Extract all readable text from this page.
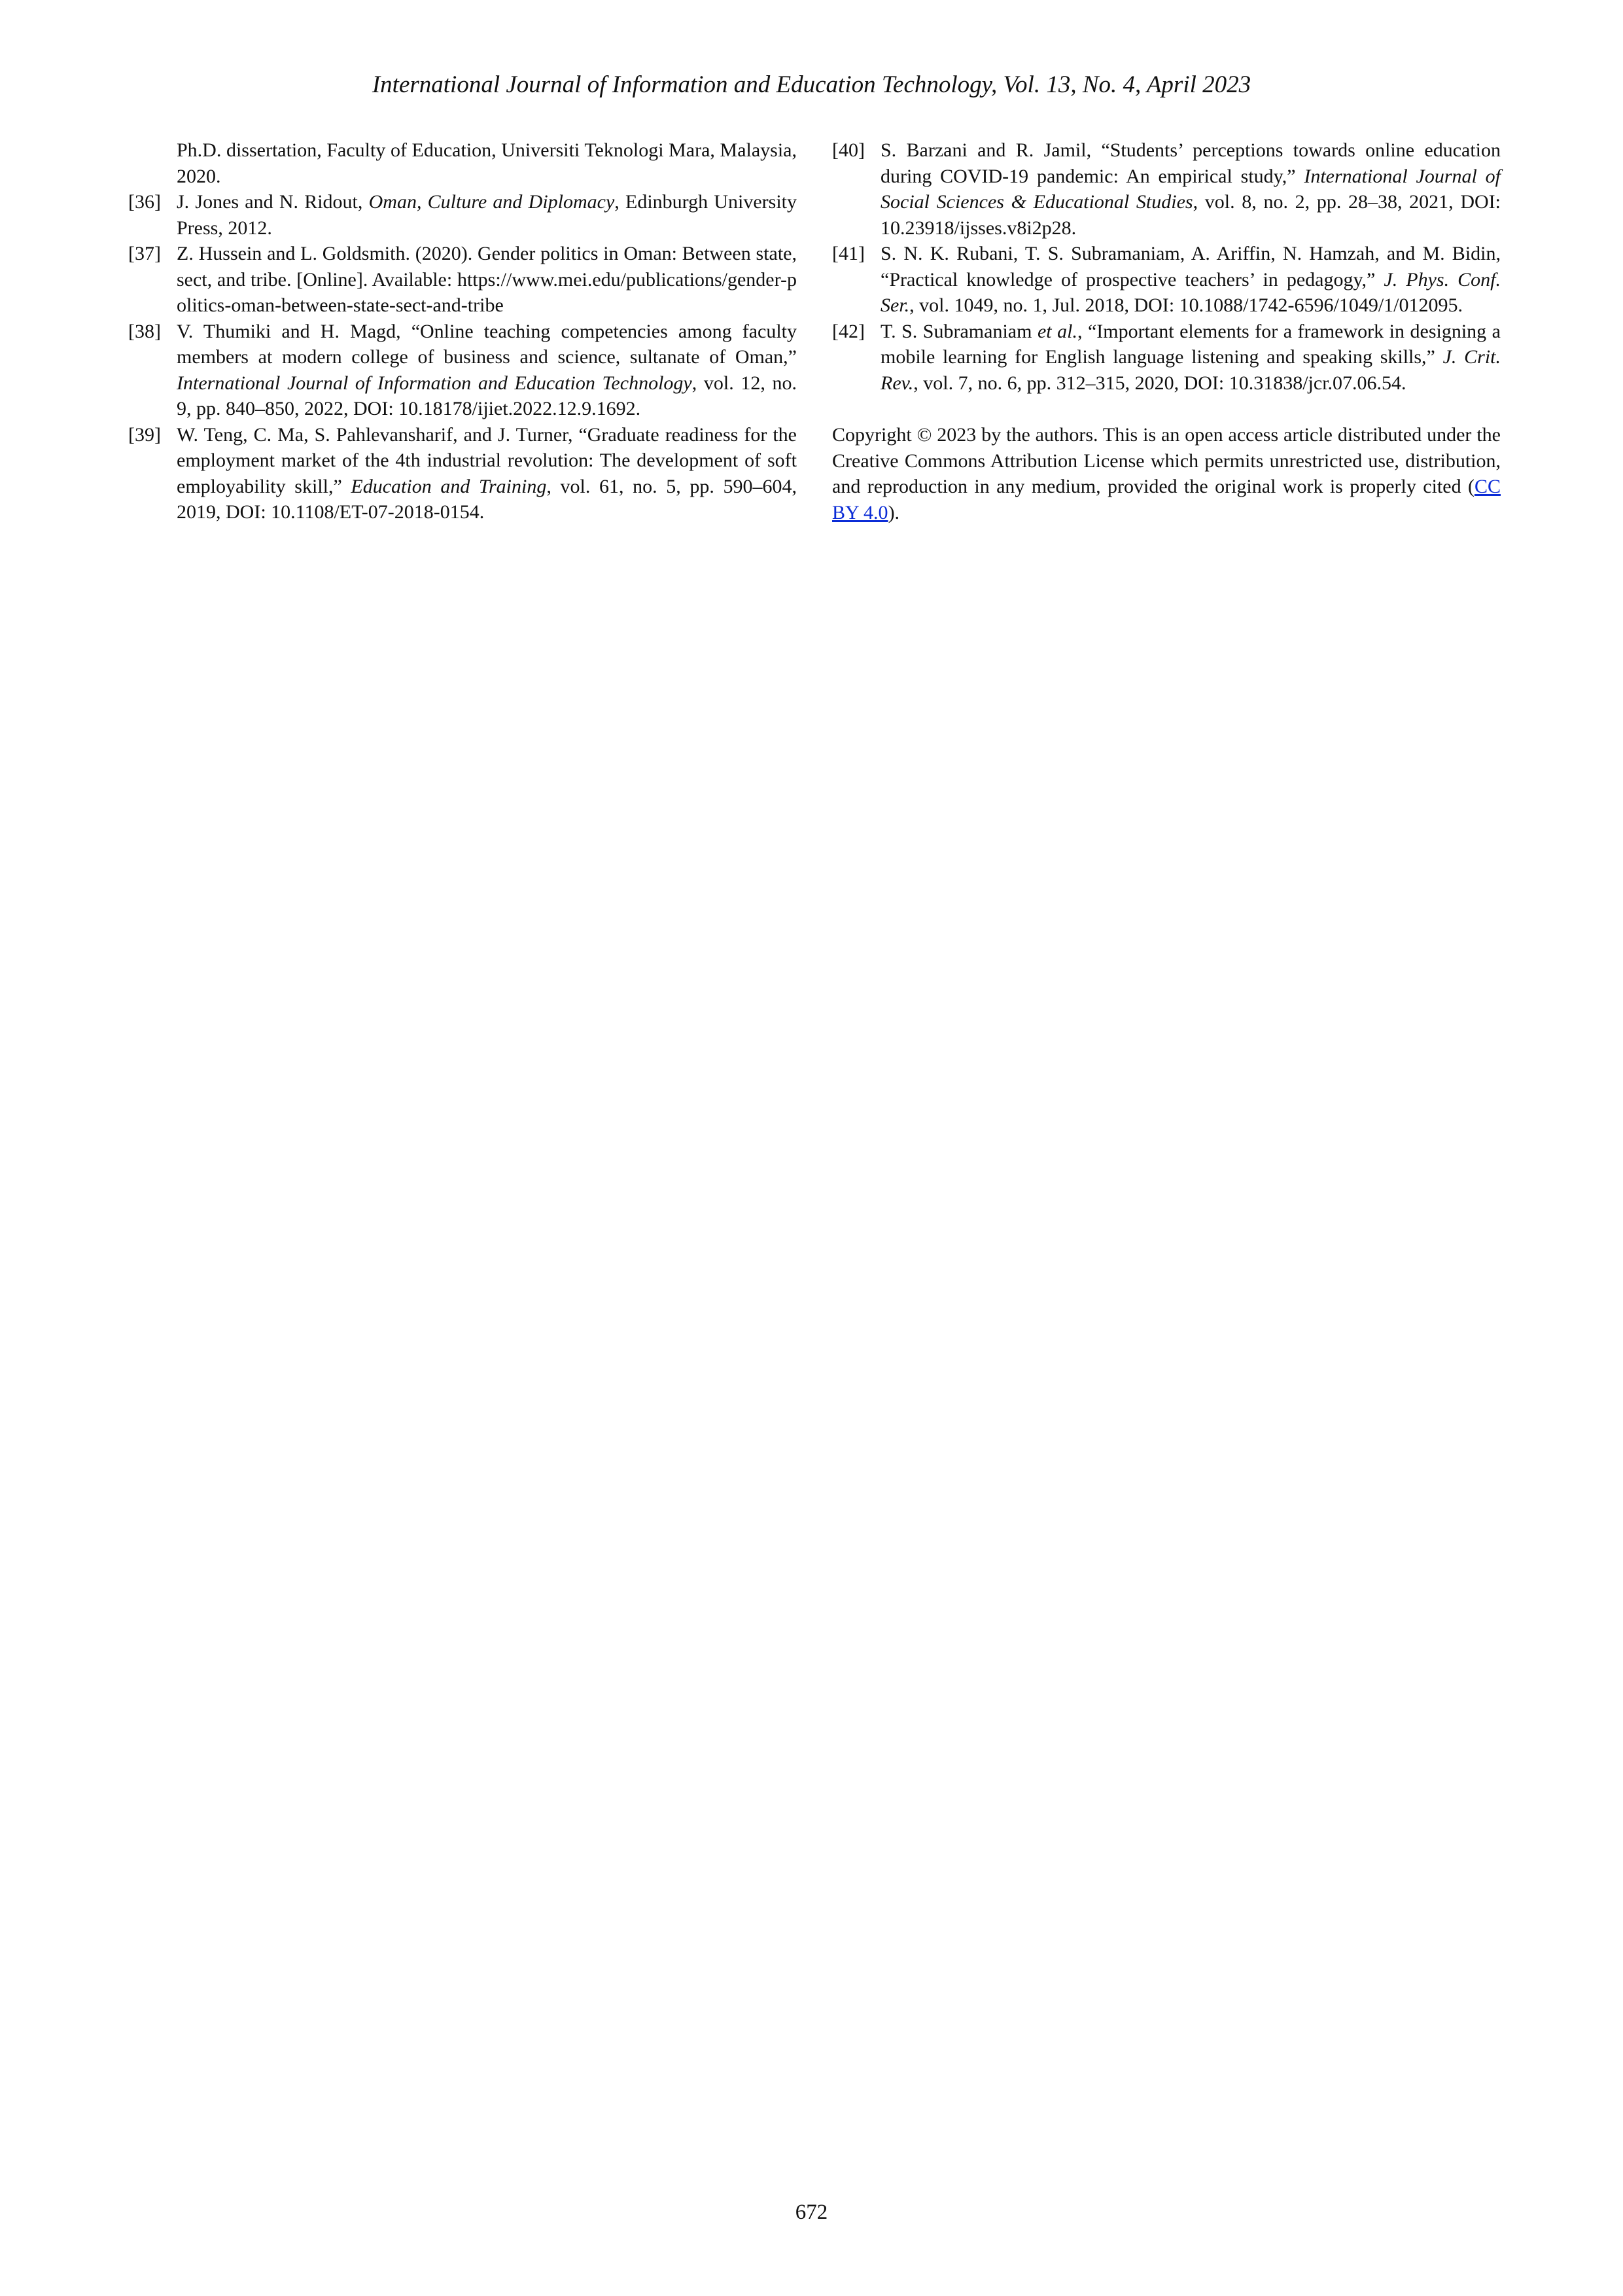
International Journal of Information and Education Technology, Vol. 13, No. 4, April 2023
Ph.D. dissertation, Faculty of Education, Universiti Teknologi Mara, Malaysia, 2020.
[36] J. Jones and N. Ridout, Oman, Culture and Diplomacy, Edinburgh University Press, 2012.
[37] Z. Hussein and L. Goldsmith. (2020). Gender politics in Oman: Between state, sect, and tribe. [Online]. Available: https://www.mei.edu/publications/gender-politics-oman-between-state-sect-and-tribe
[38] V. Thumiki and H. Magd, “Online teaching competencies among faculty members at modern college of business and science, sultanate of Oman,” International Journal of Information and Education Technology, vol. 12, no. 9, pp. 840–850, 2022, DOI: 10.18178/ijiet.2022.12.9.1692.
[39] W. Teng, C. Ma, S. Pahlevansharif, and J. Turner, “Graduate readiness for the employment market of the 4th industrial revolution: The development of soft employability skill,” Education and Training, vol. 61, no. 5, pp. 590–604, 2019, DOI: 10.1108/ET-07-2018-0154.
[40] S. Barzani and R. Jamil, “Students’ perceptions towards online education during COVID-19 pandemic: An empirical study,” International Journal of Social Sciences & Educational Studies, vol. 8, no. 2, pp. 28–38, 2021, DOI: 10.23918/ijsses.v8i2p28.
[41] S. N. K. Rubani, T. S. Subramaniam, A. Ariffin, N. Hamzah, and M. Bidin, “Practical knowledge of prospective teachers’ in pedagogy,” J. Phys. Conf. Ser., vol. 1049, no. 1, Jul. 2018, DOI: 10.1088/1742-6596/1049/1/012095.
[42] T. S. Subramaniam et al., “Important elements for a framework in designing a mobile learning for English language listening and speaking skills,” J. Crit. Rev., vol. 7, no. 6, pp. 312–315, 2020, DOI: 10.31838/jcr.07.06.54.
Copyright © 2023 by the authors. This is an open access article distributed under the Creative Commons Attribution License which permits unrestricted use, distribution, and reproduction in any medium, provided the original work is properly cited (CC BY 4.0).
672
